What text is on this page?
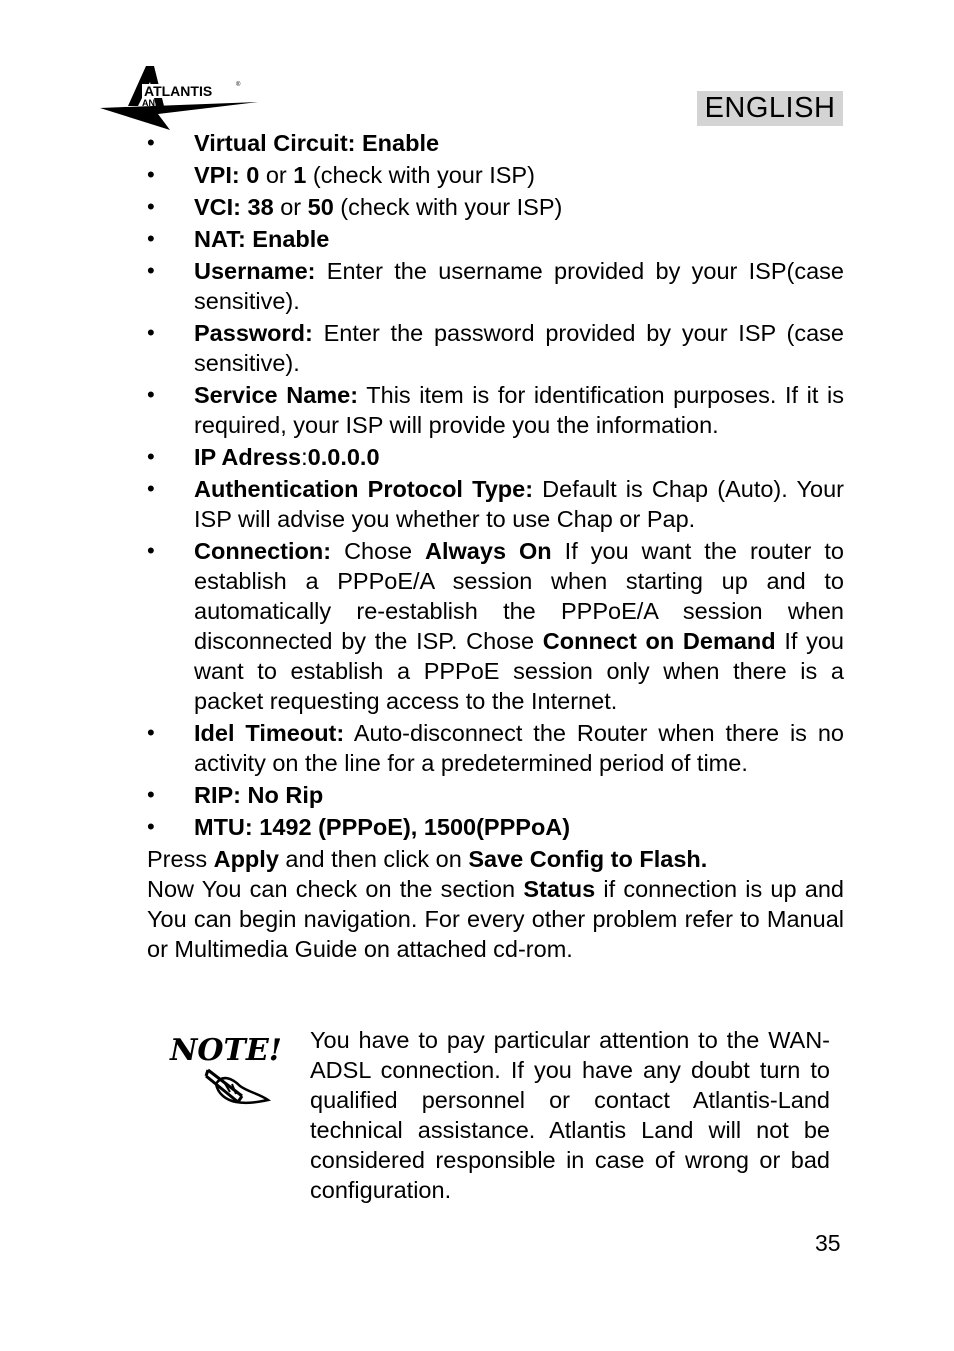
ATLANTIS	®
AND	ENGLISH
• Virtual Circuit: Enable
• VPI: 0 or 1 (check with your ISP)
• VCI: 38 or 50 (check with your ISP)
• NAT: Enable
• Username: Enter the username provided by your ISP(case sensitive).
• Password: Enter the password provided by your ISP (case sensitive).
• Service Name: This item is for identification purposes. If it is required, your ISP will provide you the information.
• IP Adress:0.0.0.0
• Authentication Protocol Type: Default is Chap (Auto). Your ISP will advise you whether to use Chap or Pap.
• Connection: Chose Always On If you want the router to establish a PPPoE/A session when starting up and to automatically re-establish the PPPoE/A session when disconnected by the ISP. Chose Connect on Demand If you want to establish a PPPoE session only when there is a packet requesting access to the Internet.
• Idel Timeout: Auto-disconnect the Router when there is no activity on the line for a predetermined period of time.
• RIP: No Rip
• MTU: 1492 (PPPoE), 1500(PPPoA)

Press Apply and then click on Save Config to Flash.

Now You can check on the section Status if connection is up and You can begin navigation. For every other problem refer to Manual or Multimedia Guide on attached cd-rom.

NOTE! You have to pay particular attention to the WAN-ADSL connection. If you have any doubt turn to qualified personnel or contact Atlantis-Land technical assistance. Atlantis Land will not be considered responsible in case of wrong or bad configuration.

35
